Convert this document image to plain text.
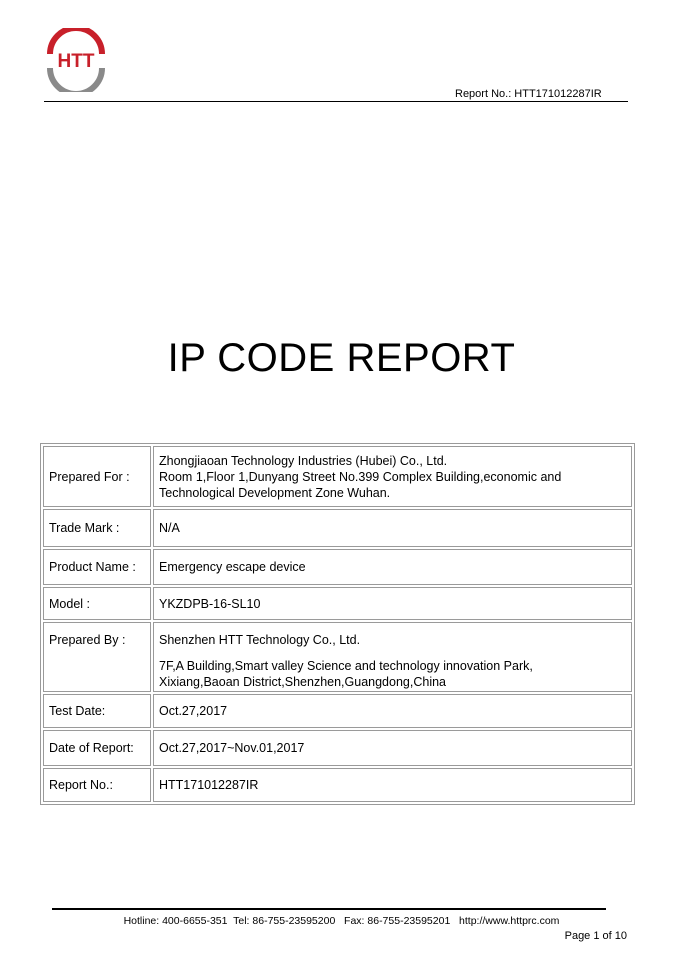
HTT
Report No.: HTT171012287IR
IP CODE REPORT
Prepared For :	Zhongjiaoan Technology Industries (Hubei) Co., Ltd.
Room 1,Floor 1,Dunyang Street No.399 Complex Building,economic and
Technological Development Zone Wuhan.

Trade Mark :	N/A
Product Name :	Emergency escape device
Model :	YKZDPB-16-SL10
Prepared By :	Shenzhen HTT Technology Co., Ltd.
7F,A Building,Smart valley Science and technology innovation Park,
Xixiang,Baoan District,Shenzhen,Guangdong,China

Test Date:	Oct.27,2017
Date of Report:	Oct.27,2017~Nov.01,2017
Report No.:	HTT171012287IR
Hotline: 400-6655-351  Tel: 86-755-23595200   Fax: 86-755-23595201   http://www.httprc.com
Page 1 of 10
